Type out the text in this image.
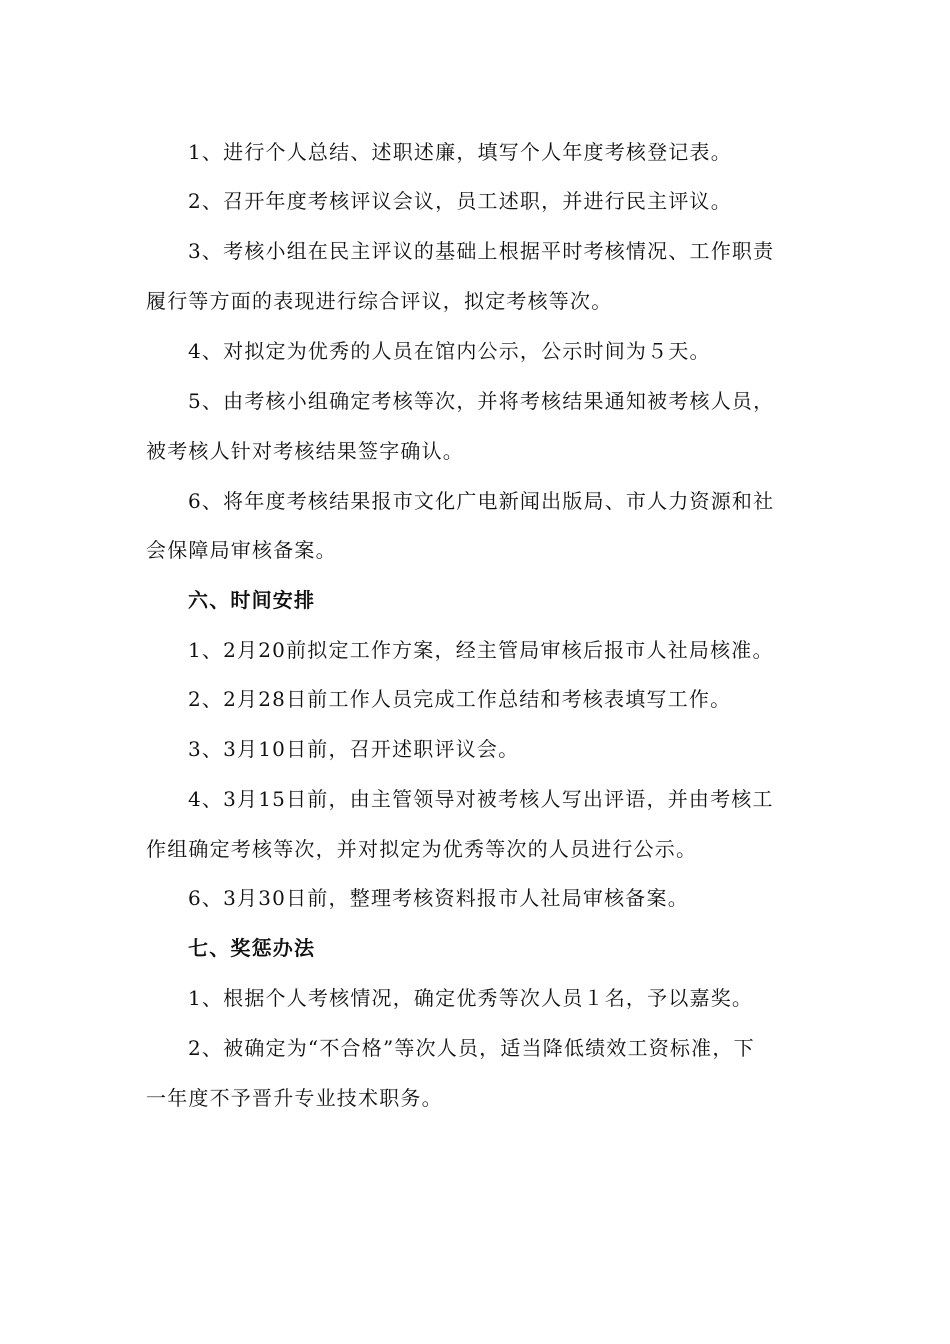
1、进行个人总结、述职述廉，填写个人年度考核登记表。
2、召开年度考核评议会议，员工述职，并进行民主评议。
3、考核小组在民主评议的基础上根据平时考核情况、工作职责
履行等方面的表现进行综合评议，拟定考核等次。
4、对拟定为优秀的人员在馆内公示，公示时间为５天。
5、由考核小组确定考核等次，并将考核结果通知被考核人员，
被考核人针对考核结果签字确认。
6、将年度考核结果报市文化广电新闻出版局、市人力资源和社
会保障局审核备案。
六、时间安排
1、2月20前拟定工作方案，经主管局审核后报市人社局核准。
2、2月28日前工作人员完成工作总结和考核表填写工作。
3、3月10日前，召开述职评议会。
4、3月15日前，由主管领导对被考核人写出评语，并由考核工
作组确定考核等次，并对拟定为优秀等次的人员进行公示。
6、3月30日前，整理考核资料报市人社局审核备案。
七、奖惩办法
1、根据个人考核情况，确定优秀等次人员１名，予以嘉奖。
2、被确定为“不合格”等次人员，适当降低绩效工资标准，下
一年度不予晋升专业技术职务。
